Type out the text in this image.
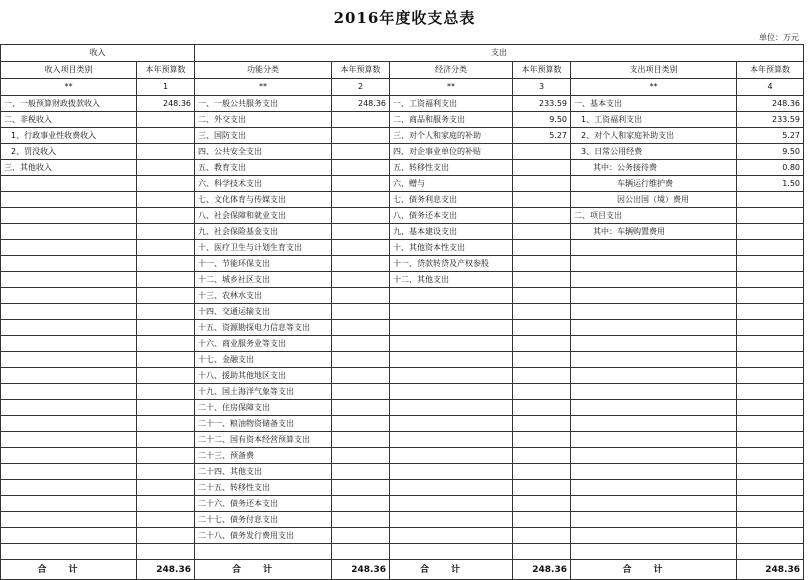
2016年度收支总表
单位：万元
收入		支出					
收入项目类别	本年预算数	功能分类	本年预算数	经济分类	本年预算数	支出项目类别	本年预算数
**	1	**	2	**	3	**	4
一、一般预算财政拨款收入	248.36	一、一般公共服务支出	248.36	一、工资福利支出	233.59	一、基本支出	248.36
二、非税收入		二、外交支出		二、商品和服务支出	9.50	1、工资福利支出	233.59
1、行政事业性收费收入		三、国防支出		三、对个人和家庭的补助	5.27	2、对个人和家庭补助支出	5.27
2、罚没收入		四、公共安全支出		四、对企事业单位的补贴		3、日常公用经费	9.50
三、其他收入		五、教育支出		五、转移性支出		其中：公务接待费	0.80
		六、科学技术支出		六、赠与		车辆运行维护费	1.50
		七、文化体育与传媒支出		七、债务利息支出		因公出国（境）费用	
		八、社会保障和就业支出		八、债务还本支出		二、项目支出	
		九、社会保险基金支出		九、基本建设支出		其中：车辆购置费用	
		十、医疗卫生与计划生育支出		十、其他资本性支出			
		十一、节能环保支出		十一、贷款转贷及产权参股			
		十二、城乡社区支出		十二、其他支出			
		十三、农林水支出					
		十四、交通运输支出					
		十五、资源勘探电力信息等支出					
		十六、商业服务业等支出					
		十七、金融支出					
		十八、援助其他地区支出					
		十九、国土海洋气象等支出					
		二十、住房保障支出					
		二十一、粮油物资储备支出					
		二十二、国有资本经营预算支出					
		二十三、预备费					
		二十四、其他支出					
		二十五、转移性支出					
		二十六、债务还本支出					
		二十七、债务付息支出					
		二十八、债务发行费用支出					

合计	248.36	合计	248.36	合计	248.36	合计	248.36
